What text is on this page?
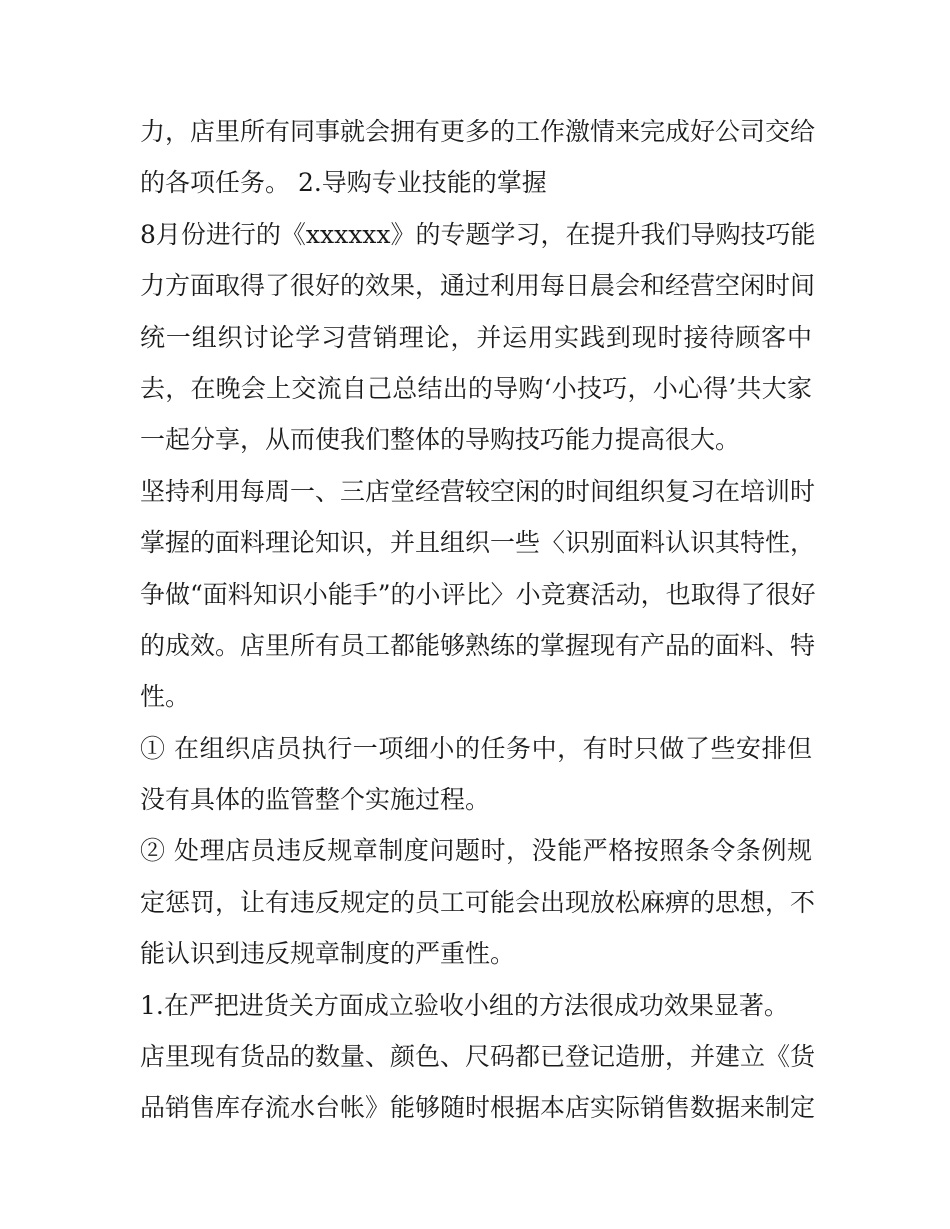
力，店里所有同事就会拥有更多的工作激情来完成好公司交给
的各项任务。 2.导购专业技能的掌握
8月份进行的《xxxxxx》的专题学习，在提升我们导购技巧能
力方面取得了很好的效果，通过利用每日晨会和经营空闲时间
统一组织讨论学习营销理论，并运用实践到现时接待顾客中
去，在晚会上交流自己总结出的导购‘小技巧，小心得’共大家
一起分享，从而使我们整体的导购技巧能力提高很大。
坚持利用每周一、三店堂经营较空闲的时间组织复习在培训时
掌握的面料理论知识，并且组织一些〈识别面料认识其特性，
争做“面料知识小能手”的小评比〉小竞赛活动，也取得了很好
的成效。店里所有员工都能够熟练的掌握现有产品的面料、特
性。
① 在组织店员执行一项细小的任务中，有时只做了些安排但
没有具体的监管整个实施过程。
② 处理店员违反规章制度问题时，没能严格按照条令条例规
定惩罚，让有违反规定的员工可能会出现放松麻痹的思想，不
能认识到违反规章制度的严重性。
1.在严把进货关方面成立验收小组的方法很成功效果显著。
店里现有货品的数量、颜色、尺码都已登记造册，并建立《货
品销售库存流水台帐》能够随时根据本店实际销售数据来制定
